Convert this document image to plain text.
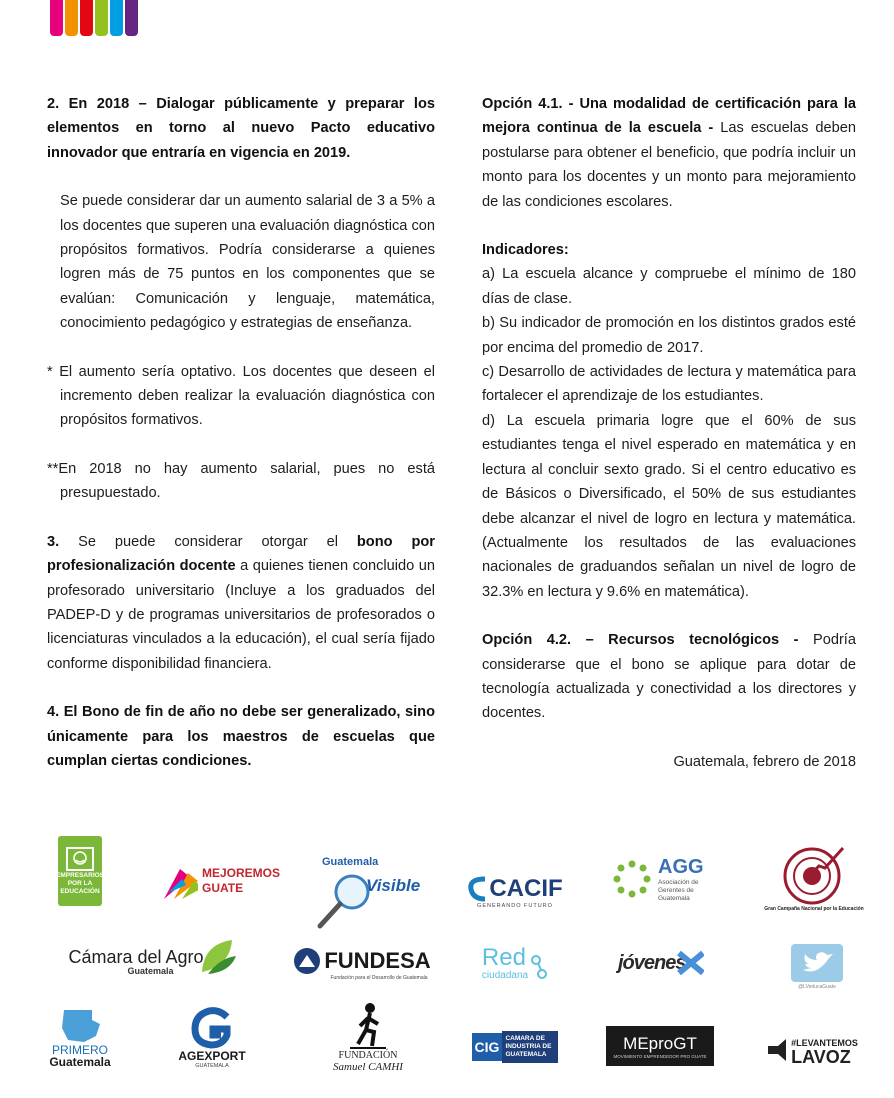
2. En 2018 – Dialogar públicamente y preparar los elementos en torno al nuevo Pacto educativo innovador que entraría en vigencia en 2019.

Se puede considerar dar un aumento salarial de 3 a 5% a los docentes que superen una evaluación diagnóstica con propósitos formativos. Podría considerarse a quienes logren más de 75 puntos en los componentes que se evalúan: Comunicación y lenguaje, matemática, conocimiento pedagógico y estrategias de enseñanza.

* El aumento sería optativo. Los docentes que deseen el incremento deben realizar la evaluación diagnóstica con propósitos formativos.

**En 2018 no hay aumento salarial, pues no está presupuestado.

3. Se puede considerar otorgar el bono por profesionalización docente a quienes tienen concluido un profesorado universitario (Incluye a los graduados del PADEP-D y de programas universitarios de profesorados o licenciaturas vinculados a la educación), el cual sería fijado conforme disponibilidad financiera.

4. El Bono de fin de año no debe ser generalizado, sino únicamente para los maestros de escuelas que cumplan ciertas condiciones.

Opción 4.1. - Una modalidad de certificación para la mejora continua de la escuela - Las escuelas deben postularse para obtener el beneficio, que podría incluir un monto para los docentes y un monto para mejoramiento de las condiciones escolares.

Indicadores:

a) La escuela alcance y compruebe el mínimo de 180 días de clase.

b) Su indicador de promoción en los distintos grados esté por encima del promedio de 2017.

c) Desarrollo de actividades de lectura y matemática para fortalecer el aprendizaje de los estudiantes.

d) La escuela primaria logre que el 60% de sus estudiantes tenga el nivel esperado en matemática y en lectura al concluir sexto grado. Si el centro educativo es de Básicos o Diversificado, el 50% de sus estudiantes debe alcanzar el nivel de logro en lectura y matemática. (Actualmente los resultados de las evaluaciones nacionales de graduandos señalan un nivel de logro de 32.3% en lectura y 9.6% en matemática).

Opción 4.2. – Recursos tecnológicos - Podría considerarse que el bono se aplique para dotar de tecnología actualizada y conectividad a los directores y docentes.

Guatemala, febrero de 2018

EMPRESARIOS POR LA EDUCACIÓN
MEJOREMOS
GUATE
Guatemala
Visible	CACIF
GENERANDO FUTURO
AGG
Asociación de Gerentes de Guatemala
Gran Campaña Nacional por la Educación
Cámara del Agro
Guatemala	FUNDESA
Fundación para el Desarrollo de Guatemala
Red
ciudadana
jóvenes
@LVeducaGuate
PRIMERO
Guatemala	AGEXPORT
GUATEMALA
FUNDACIÓN
Samuel CAMHI
CIG
CAMARA DE INDUSTRIA DE GUATEMALA
MEproGT
MOVIMIENTO EMPRENDEDOR PRO GUATE
#LEVANTEMOS
LAVOZ
